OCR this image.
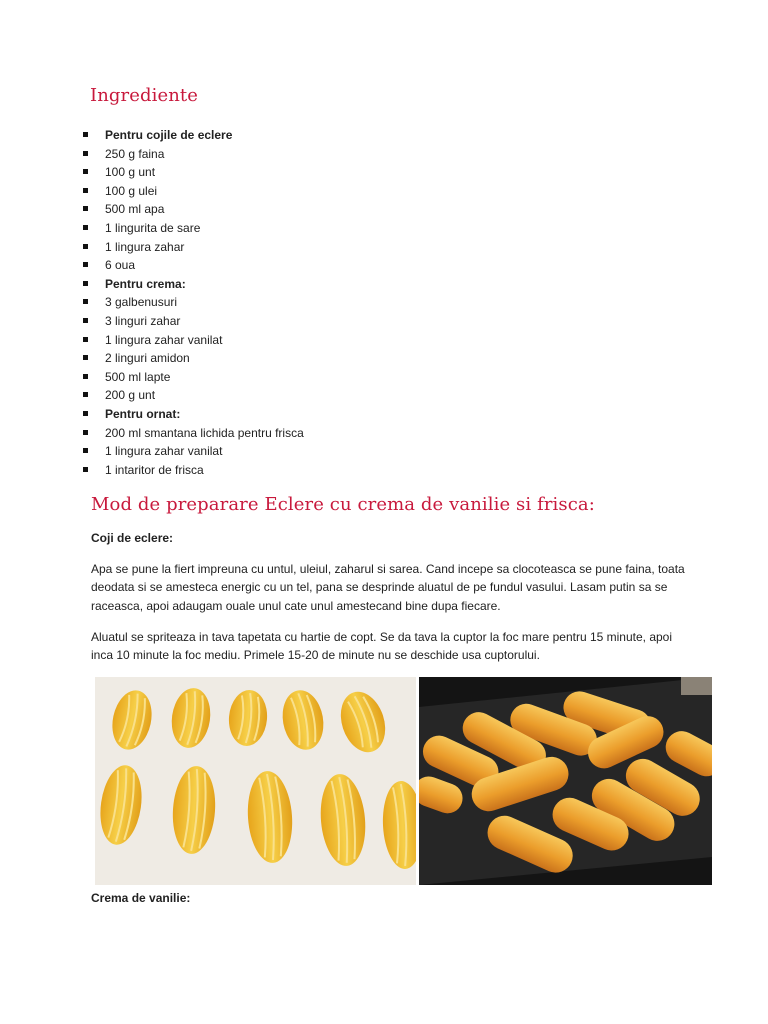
Ingrediente
Pentru cojile de eclere
250 g faina
100 g unt
100 g ulei
500 ml apa
1 lingurita de sare
1 lingura zahar
6 oua
Pentru crema:
3 galbenusuri
3 linguri zahar
1 lingura zahar vanilat
2 linguri amidon
500 ml lapte
200 g unt
Pentru ornat:
200 ml smantana lichida pentru frisca
1 lingura zahar vanilat
1 intaritor de frisca
Mod de preparare Eclere cu crema de vanilie si frisca:

Coji de eclere:

Apa se pune la fiert impreuna cu untul, uleiul, zaharul si sarea. Cand incepe sa clocoteasca se pune faina, toata deodata si se amesteca energic cu un tel, pana se desprinde aluatul de pe fundul vasului. Lasam putin sa se raceasca, apoi adaugam ouale unul cate unul amestecand bine dupa fiecare.

Aluatul se spriteaza in tava tapetata cu hartie de copt. Se da tava la cuptor la foc mare pentru 15 minute, apoi inca 10 minute la foc mediu. Primele 15-20 de minute nu se deschide usa cuptorului.

Crema de vanilie:
